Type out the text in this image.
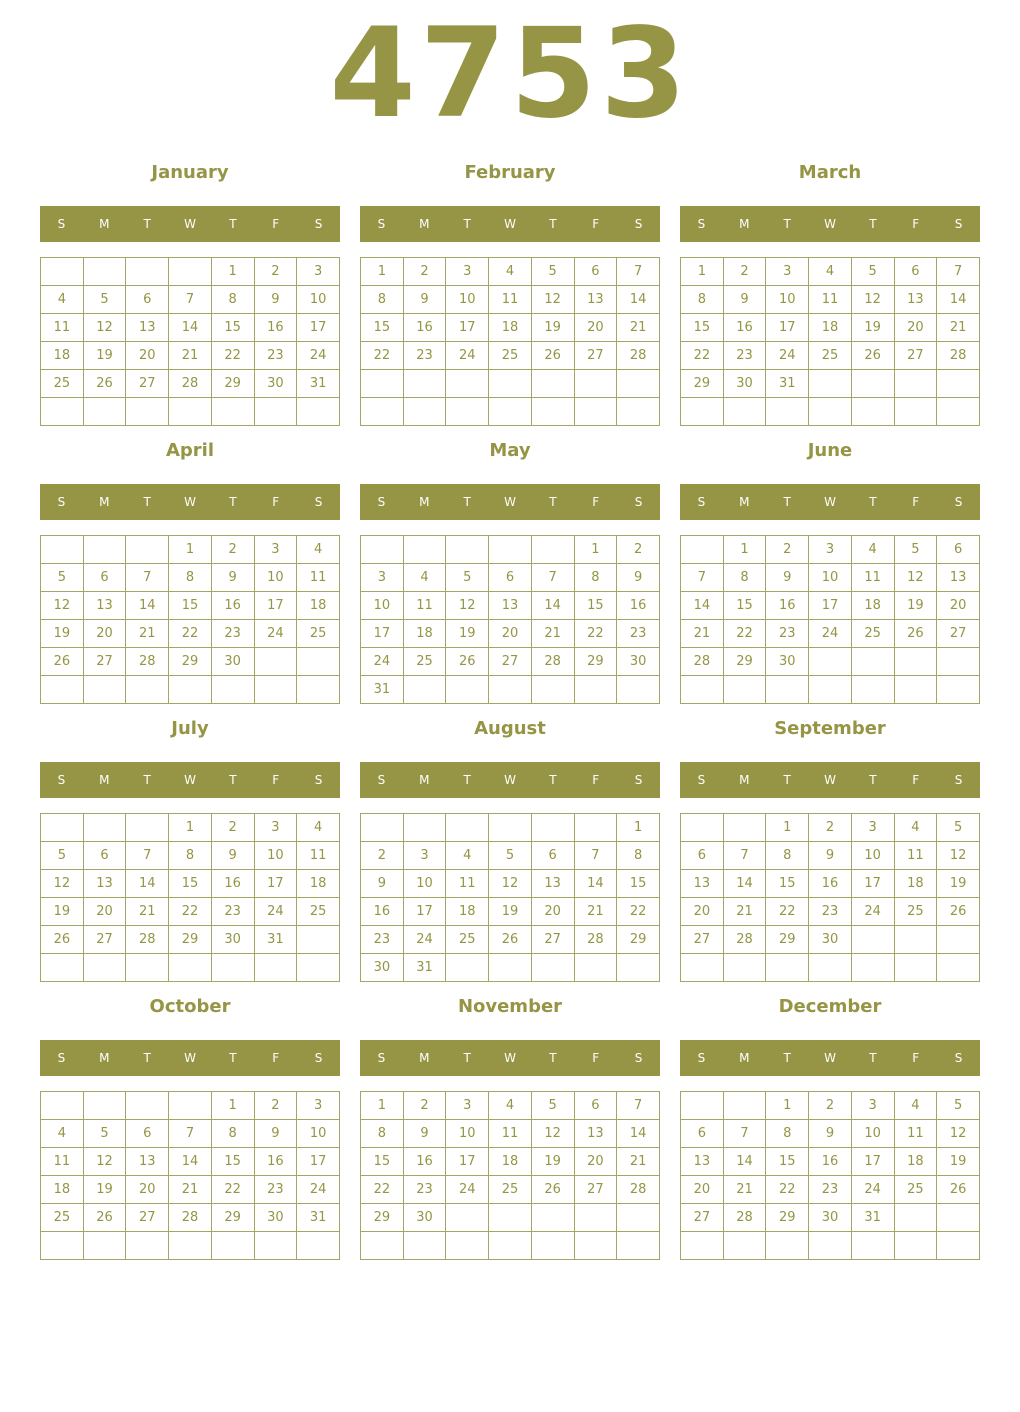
4753
January
S	M	T	W	T	F	S
				1	2	3
4	5	6	7	8	9	10
11	12	13	14	15	16	17
18	19	20	21	22	23	24
25	26	27	28	29	30	31

February
S	M	T	W	T	F	S
1	2	3	4	5	6	7
8	9	10	11	12	13	14
15	16	17	18	19	20	21
22	23	24	25	26	27	28

March
S	M	T	W	T	F	S
1	2	3	4	5	6	7
8	9	10	11	12	13	14
15	16	17	18	19	20	21
22	23	24	25	26	27	28
29	30	31				

April
S	M	T	W	T	F	S
			1	2	3	4
5	6	7	8	9	10	11
12	13	14	15	16	17	18
19	20	21	22	23	24	25
26	27	28	29	30		

May
S	M	T	W	T	F	S
					1	2
3	4	5	6	7	8	9
10	11	12	13	14	15	16
17	18	19	20	21	22	23
24	25	26	27	28	29	30
31						
June
S	M	T	W	T	F	S
	1	2	3	4	5	6
7	8	9	10	11	12	13
14	15	16	17	18	19	20
21	22	23	24	25	26	27
28	29	30				

July
S	M	T	W	T	F	S
			1	2	3	4
5	6	7	8	9	10	11
12	13	14	15	16	17	18
19	20	21	22	23	24	25
26	27	28	29	30	31	

August
S	M	T	W	T	F	S
						1
2	3	4	5	6	7	8
9	10	11	12	13	14	15
16	17	18	19	20	21	22
23	24	25	26	27	28	29
30	31					
September
S	M	T	W	T	F	S
		1	2	3	4	5
6	7	8	9	10	11	12
13	14	15	16	17	18	19
20	21	22	23	24	25	26
27	28	29	30			

October
S	M	T	W	T	F	S
				1	2	3
4	5	6	7	8	9	10
11	12	13	14	15	16	17
18	19	20	21	22	23	24
25	26	27	28	29	30	31

November
S	M	T	W	T	F	S
1	2	3	4	5	6	7
8	9	10	11	12	13	14
15	16	17	18	19	20	21
22	23	24	25	26	27	28
29	30					

December
S	M	T	W	T	F	S
		1	2	3	4	5
6	7	8	9	10	11	12
13	14	15	16	17	18	19
20	21	22	23	24	25	26
27	28	29	30	31		
